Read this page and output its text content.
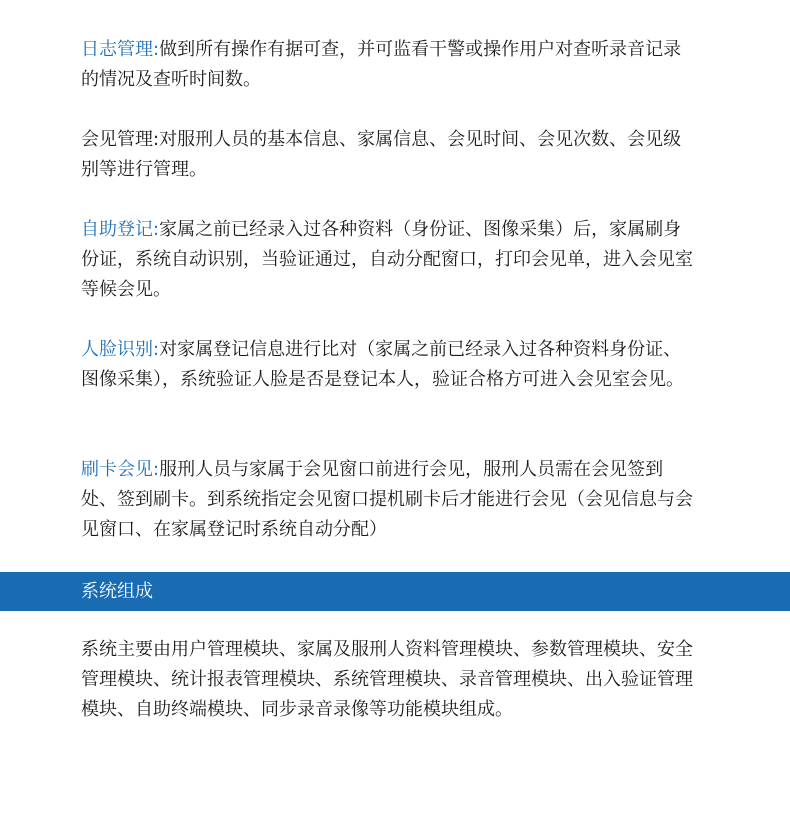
日志管理:做到所有操作有据可查，并可监看干警或操作用户对查听录音记录的情况及查听时间数。

会见管理:对服刑人员的基本信息、家属信息、会见时间、会见次数、会见级别等进行管理。

自助登记:家属之前已经录入过各种资料（身份证、图像采集）后，家属刷身份证，系统自动识别，当验证通过，自动分配窗口，打印会见单，进入会见室等候会见。

人脸识别:对家属登记信息进行比对（家属之前已经录入过各种资料身份证、图像采集），系统验证人脸是否是登记本人，验证合格方可进入会见室会见。

刷卡会见:服刑人员与家属于会见窗口前进行会见，服刑人员需在会见签到处、签到刷卡。到系统指定会见窗口提机刷卡后才能进行会见（会见信息与会见窗口、在家属登记时系统自动分配）

系统组成

系统主要由用户管理模块、家属及服刑人资料管理模块、参数管理模块、安全管理模块、统计报表管理模块、系统管理模块、录音管理模块、出入验证管理模块、自助终端模块、同步录音录像等功能模块组成。
